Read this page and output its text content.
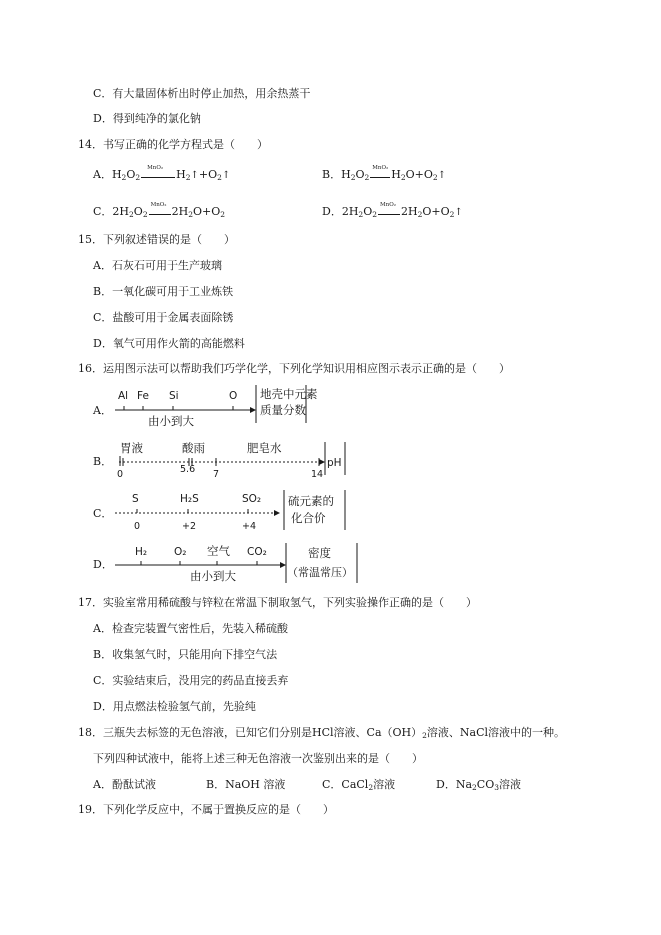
C．有大量固体析出时停止加热，用余热蒸干
D．得到纯净的氯化钠
14．书写正确的化学方程式是（　　）
A．$H_2O_2$
MnO₂ $H_2↑+O_2↑$	B．$H_2O_2$
MnO₂ $H_2O+O_2↑$
C．$2H_2O_2$
MnO₂ $2H_2O+O_2$	D．$2H_2O_2$
MnO₂ $2H_2O+O_2↑$
15．下列叙述错误的是（　　）
A．石灰石可用于生产玻璃
B．一氧化碳可用于工业炼铁
C．盐酸可用于金属表面除锈
D．氧气可用作火箭的高能燃料
16．运用图示法可以帮助我们巧学化学，下列化学知识用相应图示表示正确的是（　　）
A．
Al Fe Si	O
由小到大
地壳中元素
质量分数
B．
胃液	酸雨	肥皂水
0	5.6 7	14
pH
C．
S	H₂S	SO₂
0	+2	+4
硫元素的
化合价
D．
H₂	O₂ 空气 CO₂
由小到大
密度
（常温常压）
17．实验室常用稀硫酸与锌粒在常温下制取氢气，下列实验操作正确的是（　　）
A．检查完装置气密性后，先装入稀硫酸
B．收集氢气时，只能用向下排空气法
C．实验结束后，没用完的药品直接丢弃
D．用点燃法检验氢气前，先验纯
18．三瓶失去标签的无色溶液，已知它们分别是HCl溶液、$Ca(OH)_2$溶液、NaCl溶液中的一种。
下列四种试液中，能将上述三种无色溶液一次鉴别出来的是（　　）
A．酚酞试液	B．NaOH 溶液	C．CaCl$_2$溶液	D．$Na_2CO_3$溶液
19．下列化学反应中，不属于置换反应的是（　　）
